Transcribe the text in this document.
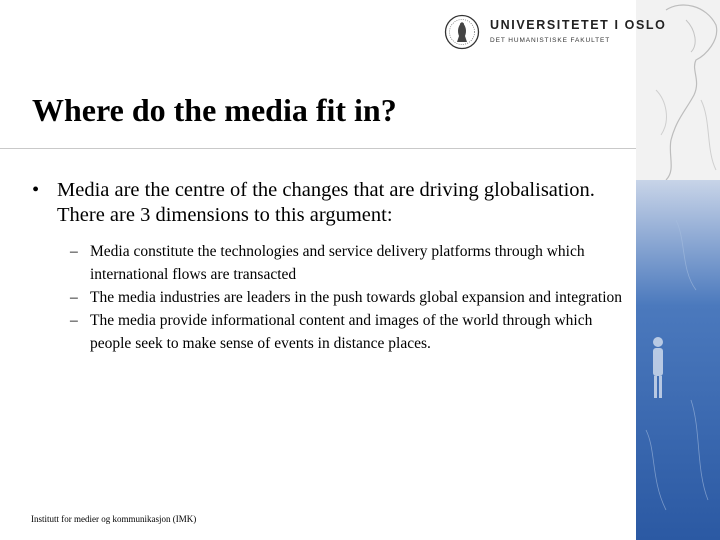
UNIVERSITETET I OSLO
DET HUMANISTISKE FAKULTET
Where do the media fit in?
• Media are the centre of the changes that are driving globalisation. There are 3 dimensions to this argument:

– Media constitute the technologies and service delivery platforms through which international flows are transacted

– The media industries are leaders in the push towards global expansion and integration

– The media provide informational content and images of the world through which people seek to make sense of events in distance places.

Institutt for medier og kommunikasjon (IMK)
